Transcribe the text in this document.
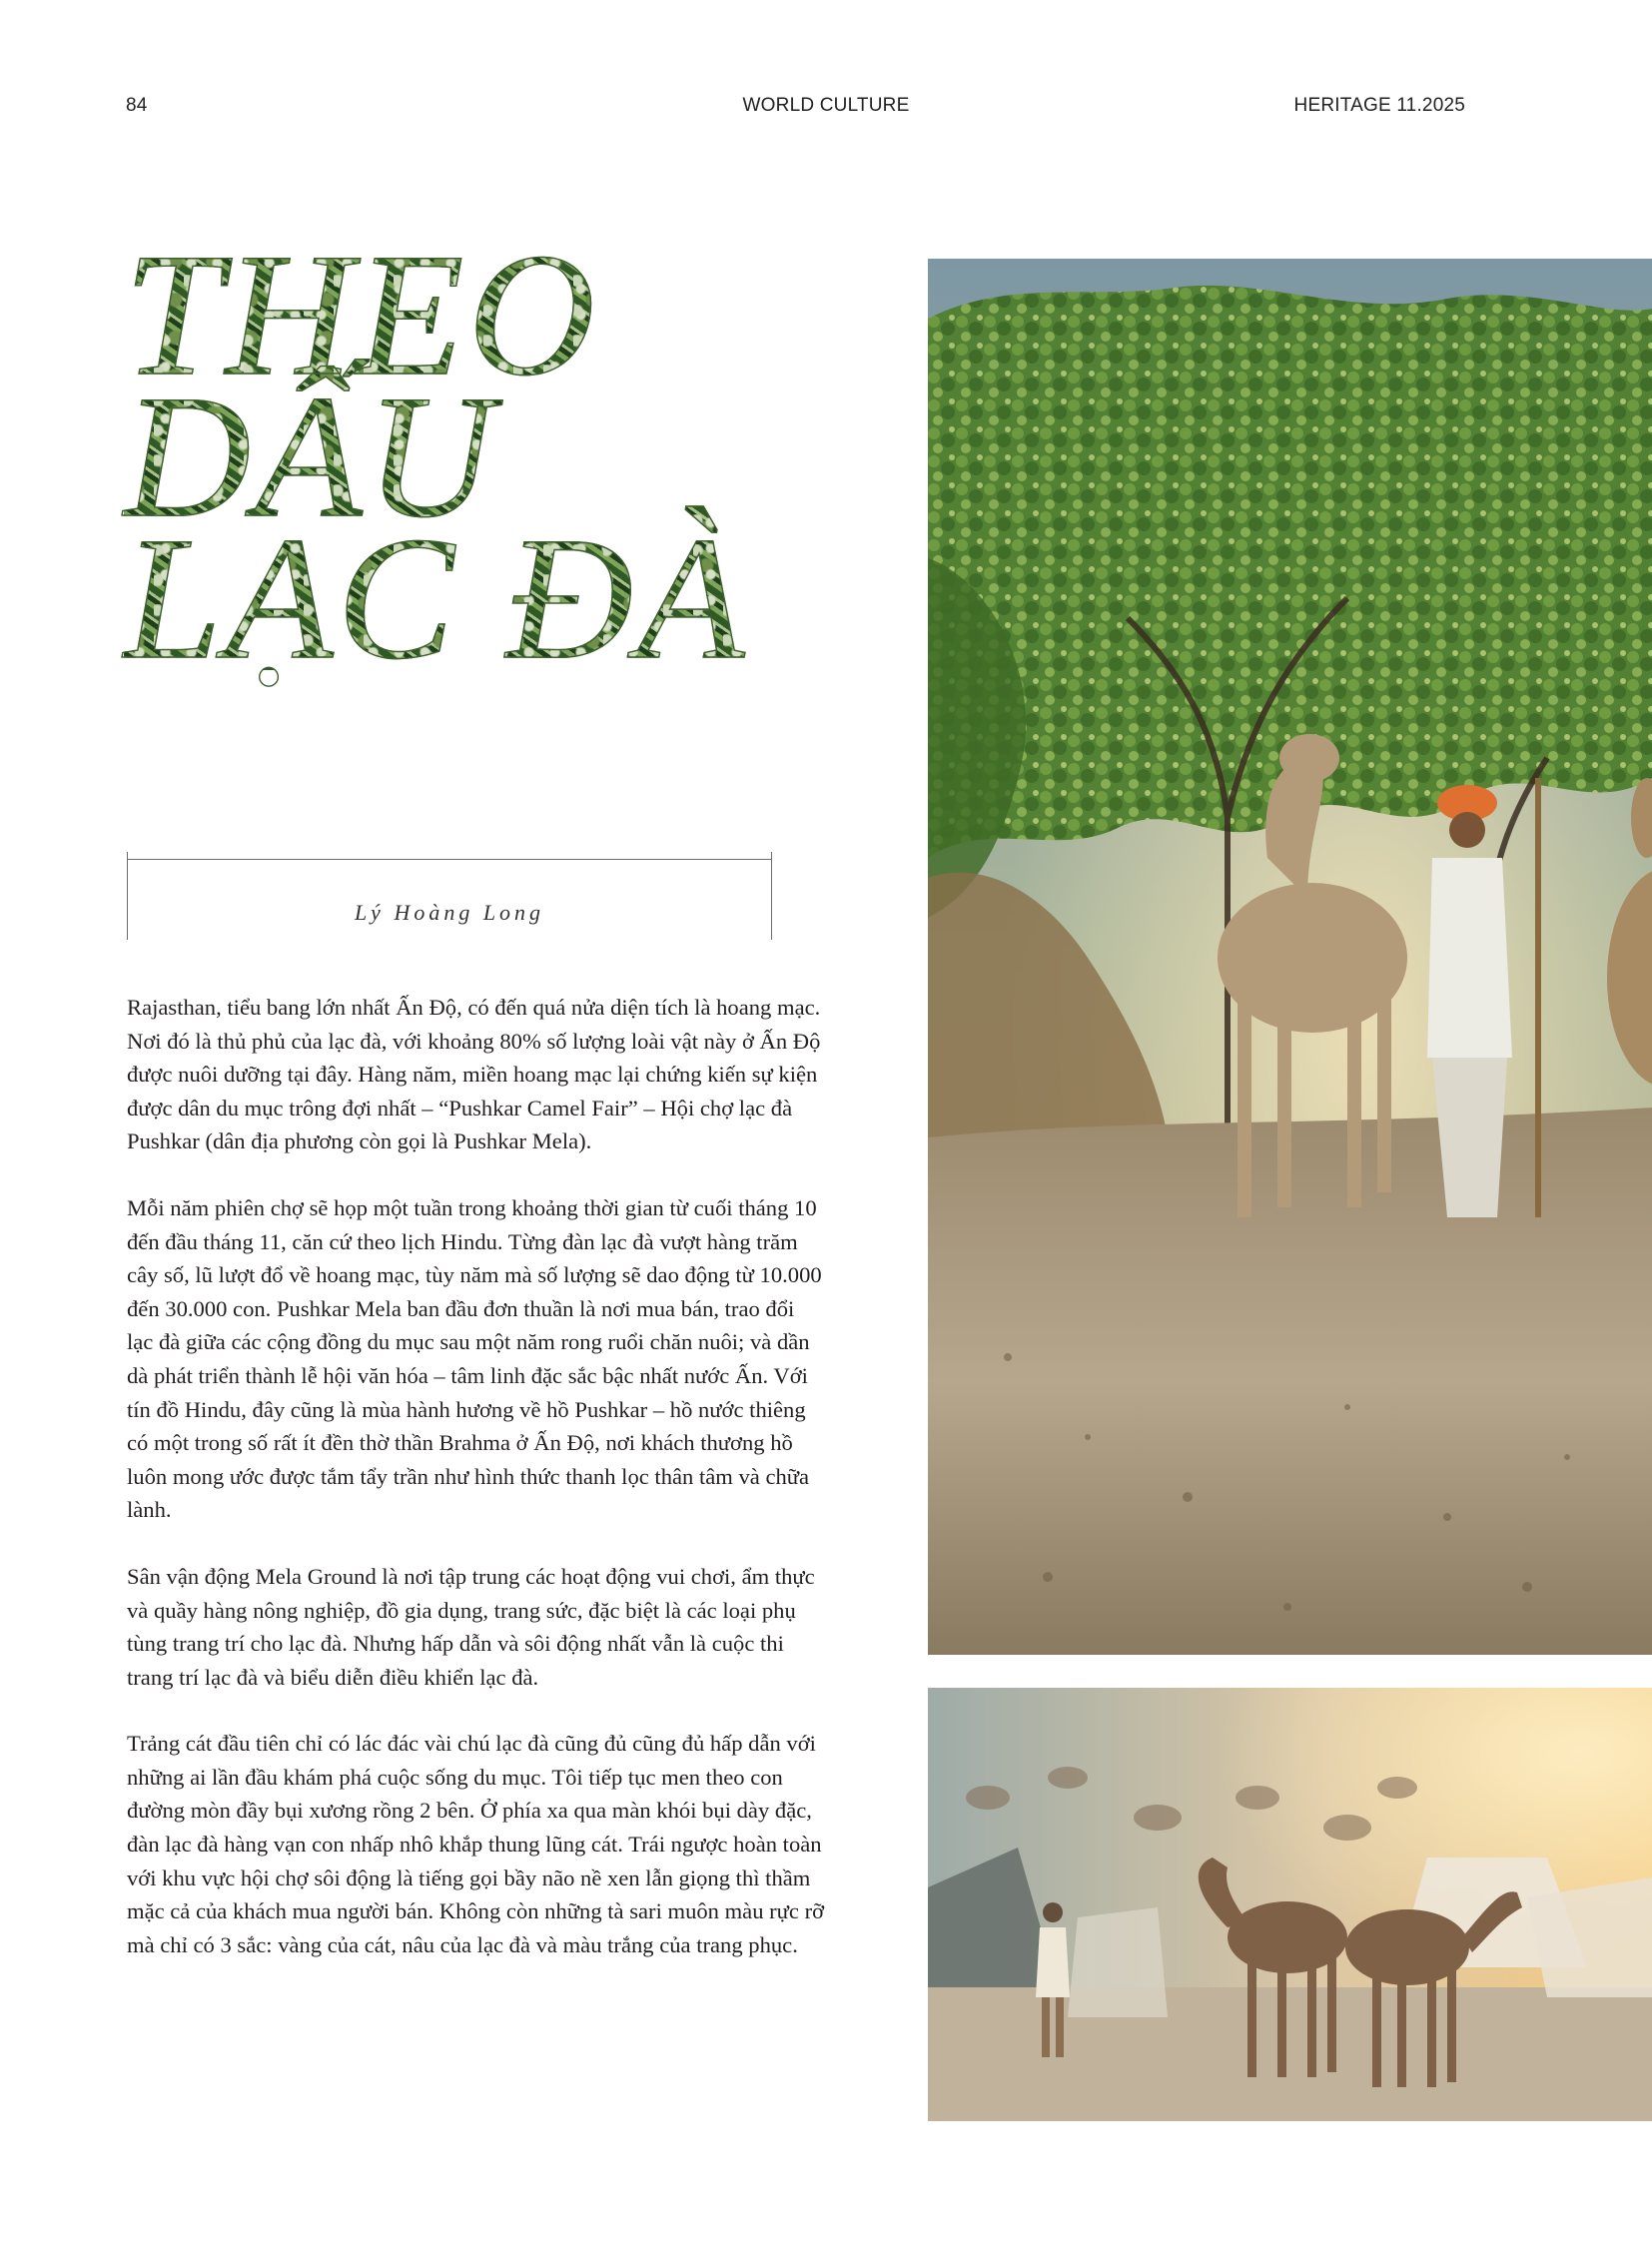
84	WORLD CULTURE	HERITAGE 11.2025
THEO
DẤU
LẠC ĐÀ
Lý Hoàng Long

Rajasthan, tiểu bang lớn nhất Ấn Độ, có đến quá nửa diện tích là hoang mạc. Nơi đó là thủ phủ của lạc đà, với khoảng 80% số lượng loài vật này ở Ấn Độ được nuôi dưỡng tại đây. Hàng năm, miền hoang mạc lại chứng kiến sự kiện được dân du mục trông đợi nhất – “Pushkar Camel Fair” – Hội chợ lạc đà Pushkar (dân địa phương còn gọi là Pushkar Mela).

Mỗi năm phiên chợ sẽ họp một tuần trong khoảng thời gian từ cuối tháng 10 đến đầu tháng 11, căn cứ theo lịch Hindu. Từng đàn lạc đà vượt hàng trăm cây số, lũ lượt đổ về hoang mạc, tùy năm mà số lượng sẽ dao động từ 10.000 đến 30.000 con. Pushkar Mela ban đầu đơn thuần là nơi mua bán, trao đổi lạc đà giữa các cộng đồng du mục sau một năm rong ruổi chăn nuôi; và dần dà phát triển thành lễ hội văn hóa – tâm linh đặc sắc bậc nhất nước Ấn. Với tín đồ Hindu, đây cũng là mùa hành hương về hồ Pushkar – hồ nước thiêng có một trong số rất ít đền thờ thần Brahma ở Ấn Độ, nơi khách thương hồ luôn mong ước được tắm tẩy trần như hình thức thanh lọc thân tâm và chữa lành.

Sân vận động Mela Ground là nơi tập trung các hoạt động vui chơi, ẩm thực và quầy hàng nông nghiệp, đồ gia dụng, trang sức, đặc biệt là các loại phụ tùng trang trí cho lạc đà. Nhưng hấp dẫn và sôi động nhất vẫn là cuộc thi trang trí lạc đà và biểu diễn điều khiển lạc đà.

Trảng cát đầu tiên chỉ có lác đác vài chú lạc đà cũng đủ cũng đủ hấp dẫn với những ai lần đầu khám phá cuộc sống du mục. Tôi tiếp tục men theo con đường mòn đầy bụi xương rồng 2 bên. Ở phía xa qua màn khói bụi dày đặc, đàn lạc đà hàng vạn con nhấp nhô khắp thung lũng cát. Trái ngược hoàn toàn với khu vực hội chợ sôi động là tiếng gọi bầy não nề xen lẫn giọng thì thầm mặc cả của khách mua người bán. Không còn những tà sari muôn màu rực rỡ mà chỉ có 3 sắc: vàng của cát, nâu của lạc đà và màu trắng của trang phục.
